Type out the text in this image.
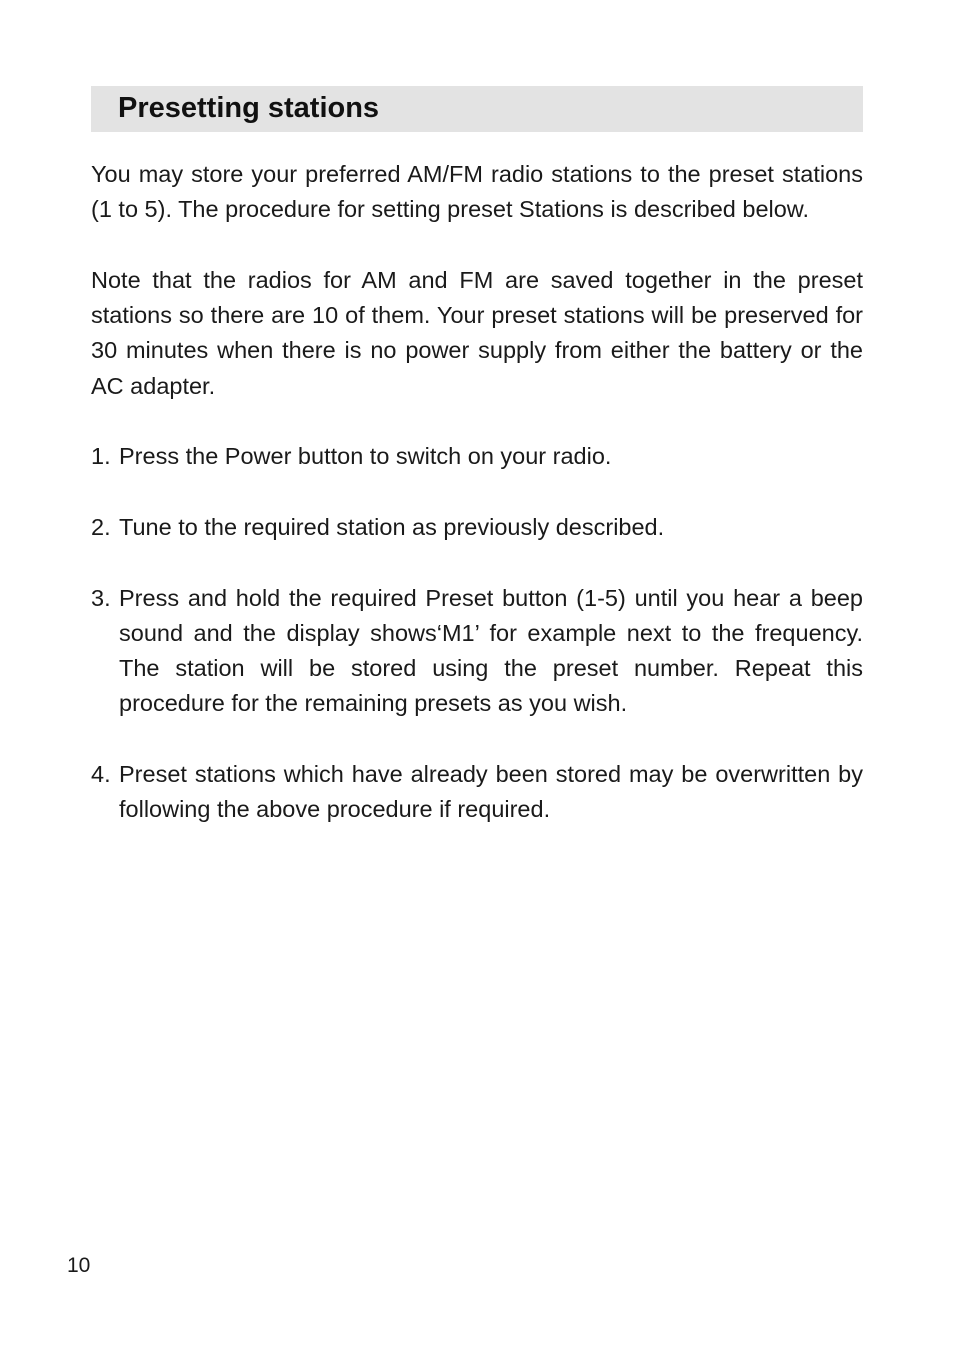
Presetting stations

You may store your preferred AM/FM radio stations to the preset stations (1 to 5). The procedure for setting preset Stations is described below.

Note that the radios for AM and FM are saved together in the preset stations so there are 10 of them. Your preset stations will be preserved for 30 minutes when there is no power supply from either the battery or the AC adapter.

1. Press the Power button to switch on your radio.
2. Tune to the required station as previously described.
3. Press and hold the required Preset button (1-5) until you hear a beep sound and the display shows‘M1’ for example next to the frequency. The station will be stored using the preset number. Repeat this procedure for the remaining presets as you wish.
4. Preset stations which have already been stored may be overwritten by following the above procedure if required.
10
